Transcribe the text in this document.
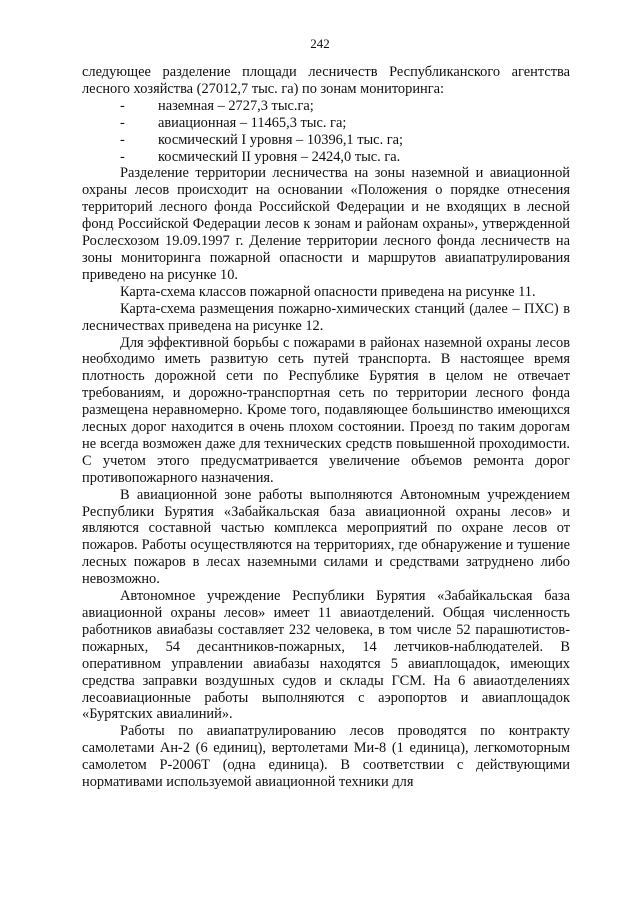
242

следующее разделение площади лесничеств Республиканского агентства лесного хозяйства (27012,7 тыс. га) по зонам мониторинга:

- наземная – 2727,3 тыс.га;
- авиационная – 11465,3 тыс. га;
- космический I уровня – 10396,1 тыс. га;
- космический II уровня – 2424,0 тыс. га.

Разделение территории лесничества на зоны наземной и авиационной охраны лесов происходит на основании «Положения о порядке отнесения территорий лесного фонда Российской Федерации и не входящих в лесной фонд Российской Федерации лесов к зонам и районам охраны», утвержденной Рослесхозом 19.09.1997 г. Деление территории лесного фонда лесничеств на зоны мониторинга пожарной опасности и маршрутов авиапатрулирования приведено на рисунке 10.

Карта-схема классов пожарной опасности приведена на рисунке 11.

Карта-схема размещения пожарно-химических станций (далее – ПХС) в лесничествах приведена на рисунке 12.

Для эффективной борьбы с пожарами в районах наземной охраны лесов необходимо иметь развитую сеть путей транспорта. В настоящее время плотность дорожной сети по Республике Бурятия в целом не отвечает требованиям, и дорожно-транспортная сеть по территории лесного фонда размещена неравномерно. Кроме того, подавляющее большинство имеющихся лесных дорог находится в очень плохом состоянии. Проезд по таким дорогам не всегда возможен даже для технических средств повышенной проходимости. С учетом этого предусматривается увеличение объемов ремонта дорог противопожарного назначения.

В авиационной зоне работы выполняются Автономным учреждением Республики Бурятия «Забайкальская база авиационной охраны лесов» и являются составной частью комплекса мероприятий по охране лесов от пожаров. Работы осуществляются на территориях, где обнаружение и тушение лесных пожаров в лесах наземными силами и средствами затруднено либо невозможно.

Автономное учреждение Республики Бурятия «Забайкальская база авиационной охраны лесов» имеет 11 авиаотделений. Общая численность работников авиабазы составляет 232 человека, в том числе 52 парашютистов-пожарных, 54 десантников-пожарных, 14 летчиков-наблюдателей. В оперативном управлении авиабазы находятся 5 авиаплощадок, имеющих средства заправки воздушных судов и склады ГСМ. На 6 авиаотделениях лесоавиационные работы выполняются с аэропортов и авиаплощадок «Бурятских авиалиний».

Работы по авиапатрулированию лесов проводятся по контракту самолетами Ан-2 (6 единиц), вертолетами Ми-8 (1 единица), легкомоторным самолетом Р-2006Т (одна единица). В соответствии с действующими нормативами используемой авиационной техники для
